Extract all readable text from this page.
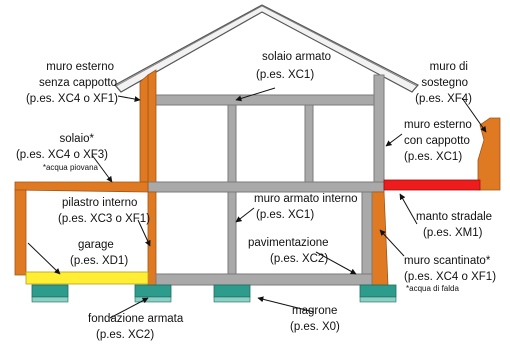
solaio armato
(p.es. XC1)
muro esterno
senza cappotto
(p.es. XC4 o XF1)
muro di
sostegno
(p.es. XF4)
muro esterno
con cappotto
(p.es. XC1)
solaio*
(p.es. XC4 o XF3)
*acqua piovana
pilastro interno
(p.es. XC3 o XF1)
muro armato interno
(p.es. XC1)	manto stradale
(p.es. XM1)
garage
(p.es. XD1)
pavimentazione
(p.es. XC2)	muro scantinato*
(p.es. XC4 o XF1)
*acqua di falda
fondazione armata
(p.es. XC2)
magrone
(p.es. X0)
